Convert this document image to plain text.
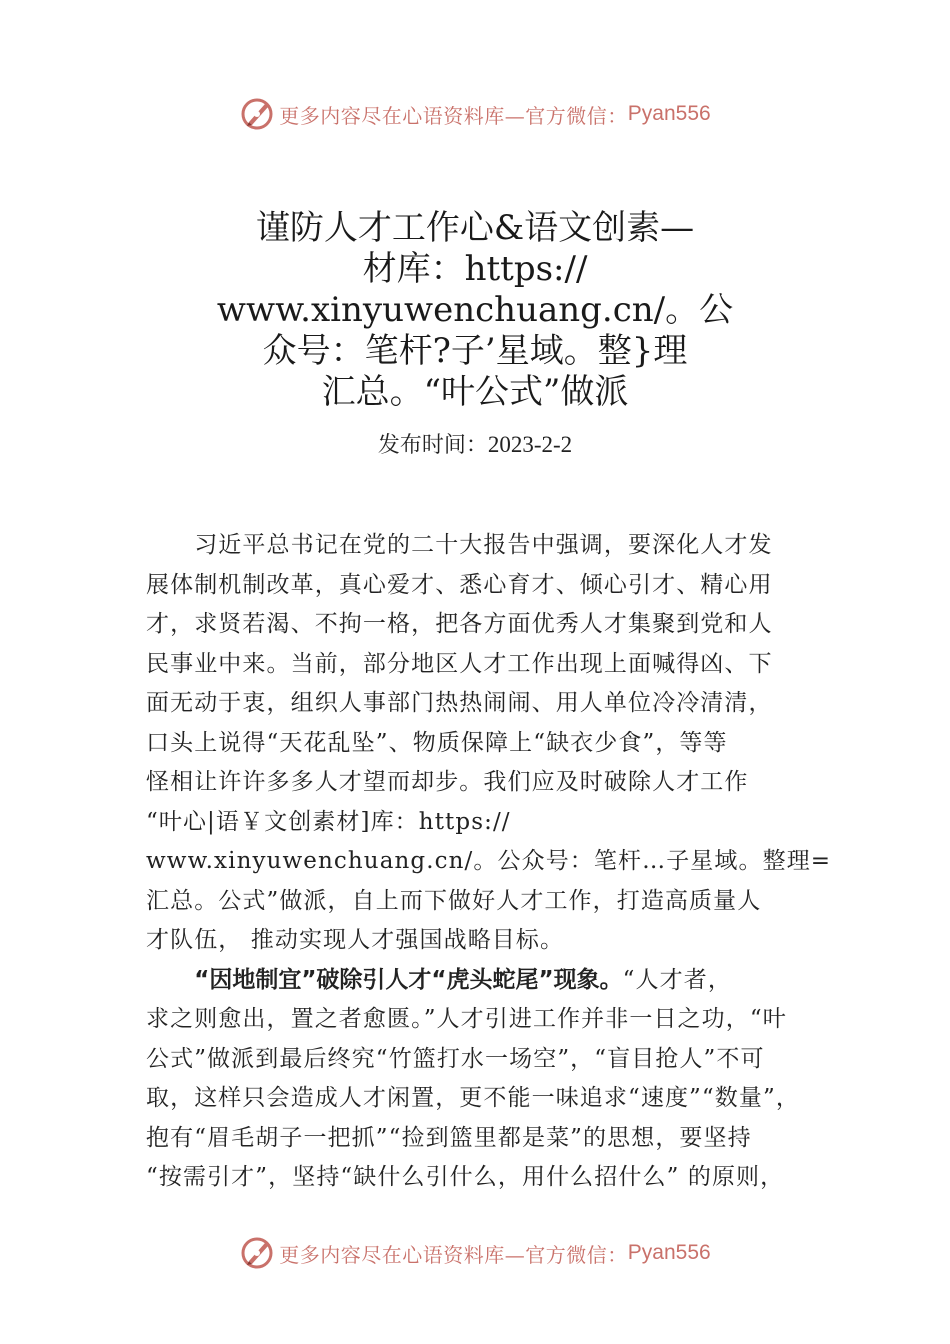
更多内容尽在心语资料库—官方微信： Pyan556
谨防人才工作心&语文创素—
材库：https://
www.xinyuwenchuang.cn/。公
众号：笔杆?子’星域。整}理
汇总。“叶公式”做派
发布时间：2023-2-2
　　习近平总书记在党的二十大报告中强调，要深化人才发
展体制机制改革，真心爱才、悉心育才、倾心引才、精心用
才，求贤若渴、不拘一格，把各方面优秀人才集聚到党和人
民事业中来。当前，部分地区人才工作出现上面喊得凶、下
面无动于衷，组织人事部门热热闹闹、用人单位冷冷清清，
口头上说得“天花乱坠”、物质保障上“缺衣少食”，等等
怪相让许许多多人才望而却步。我们应及时破除人才工作
“叶心|语￥文创素材]库：https://
www.xinyuwenchuang.cn/。公众号：笔杆…子星域。整理=
汇总。公式”做派，自上而下做好人才工作，打造高质量人
才队伍， 推动实现人才强国战略目标。
　　“因地制宜”破除引人才“虎头蛇尾”现象。“人才者，
求之则愈出，置之者愈匮。”人才引进工作并非一日之功，“叶
公式”做派到最后终究“竹篮打水一场空”，“盲目抢人”不可
取，这样只会造成人才闲置，更不能一味追求“速度”“数量”，
抱有“眉毛胡子一把抓”“捡到篮里都是菜”的思想，要坚持
“按需引才”，坚持“缺什么引什么，用什么招什么” 的原则，
更多内容尽在心语资料库—官方微信： Pyan556
